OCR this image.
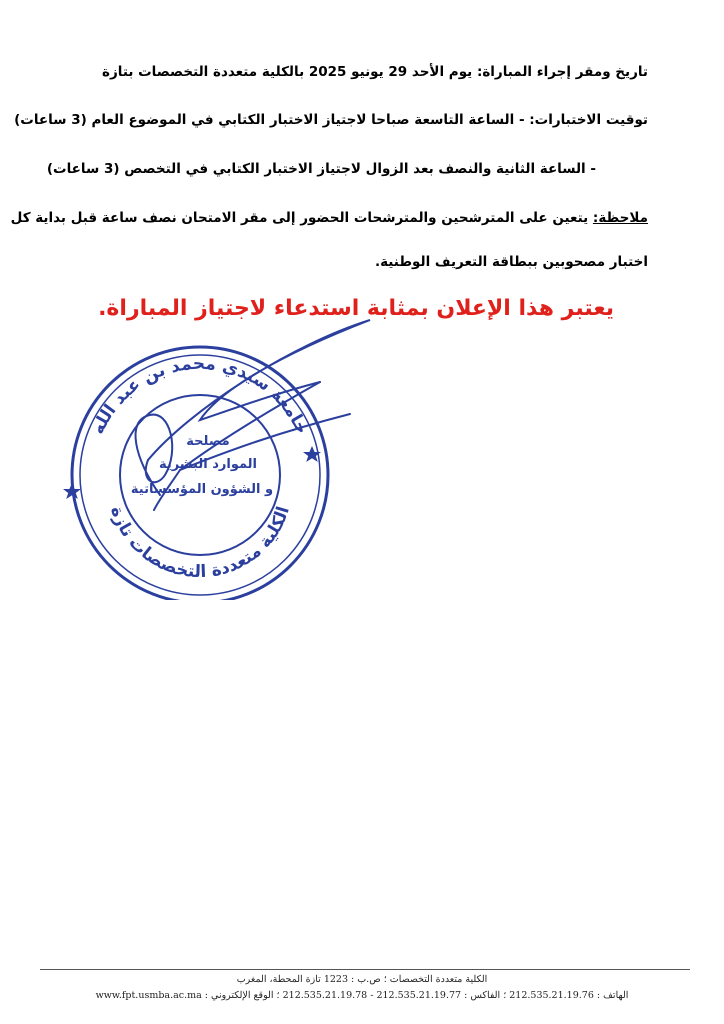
تاريخ ومقر إجراء المباراة: يوم الأحد 29 يونيو 2025 بالكلية متعددة التخصصات بتازة
توقيت الاختبارات: - الساعة التاسعة صباحا لاجتياز الاختبار الكتابي في الموضوع العام (3 ساعات)
- الساعة الثانية والنصف بعد الزوال لاجتياز الاختبار الكتابي في التخصص (3 ساعات)
ملاحظة: يتعين على المترشحين والمترشحات الحضور إلى مقر الامتحان نصف ساعة قبل بداية كل
اختبار مصحوبين ببطاقة التعريف الوطنية.
يعتبر هذا الإعلان بمثابة استدعاء لاجتياز المباراة.
جامعة سيدي محمد بن عبد الله
الكلية متعددة التخصصات تازة
مصلحة
الموارد البشرية
و الشؤون المؤسساتية
الكلية متعددة التخصصات ؛ ص.ب : 1223 تازة المحطة، المغرب
الهاتف : 212.535.21.19.76 ؛ الفاكس : 212.535.21.19.77 - 212.535.21.19.78 ؛ الوقع الإلكتروني : www.fpt.usmba.ac.ma
